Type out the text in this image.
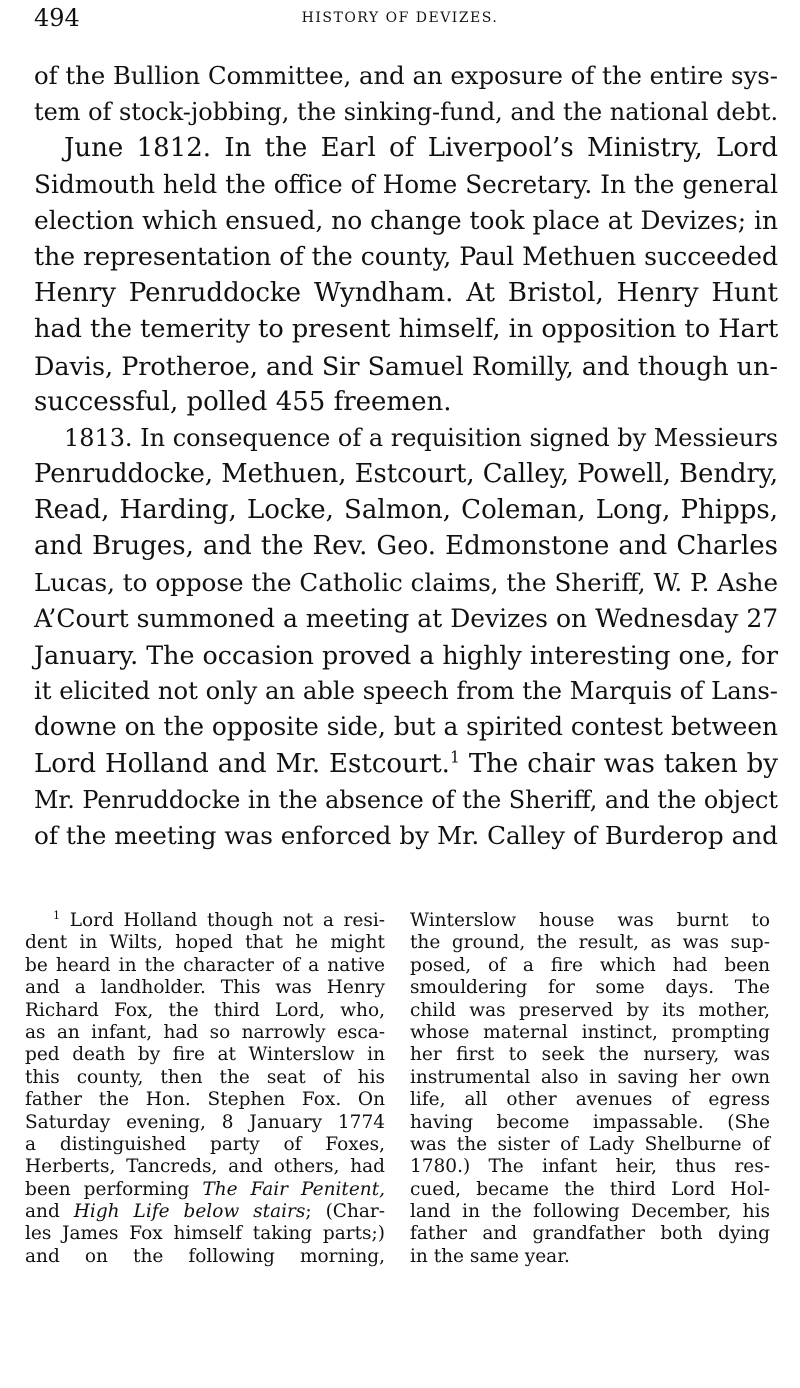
494	HISTORY OF DEVIZES.
of the Bullion Committee, and an exposure of the entire sys-
tem of stock-jobbing, the sinking-fund, and the national debt.
June 1812. In the Earl of Liverpool’s Ministry, Lord
Sidmouth held the office of Home Secretary. In the general
election which ensued, no change took place at Devizes; in
the representation of the county, Paul Methuen succeeded
Henry Penruddocke Wyndham. At Bristol, Henry Hunt
had the temerity to present himself, in opposition to Hart
Davis, Protheroe, and Sir Samuel Romilly, and though un-
successful, polled 455 freemen.
1813. In consequence of a requisition signed by Messieurs
Penruddocke, Methuen, Estcourt, Calley, Powell, Bendry,
Read, Harding, Locke, Salmon, Coleman, Long, Phipps,
and Bruges, and the Rev. Geo. Edmonstone and Charles
Lucas, to oppose the Catholic claims, the Sheriff, W. P. Ashe
A’Court summoned a meeting at Devizes on Wednesday 27
January. The occasion proved a highly interesting one, for
it elicited not only an able speech from the Marquis of Lans-
downe on the opposite side, but a spirited contest between
Lord Holland and Mr. Estcourt.$^1$ The chair was taken by
Mr. Penruddocke in the absence of the Sheriff, and the object
of the meeting was enforced by Mr. Calley of Burderop and
$^1$ Lord Holland though not a resi-
dent in Wilts, hoped that he might
be heard in the character of a native
and a landholder. This was Henry
Richard Fox, the third Lord, who,
as an infant, had so narrowly esca-
ped death by fire at Winterslow in
this county, then the seat of his
father the Hon. Stephen Fox. On
Saturday evening, 8 January 1774
a distinguished party of Foxes,
Herberts, Tancreds, and others, had
been performing The Fair Penitent,
and High Life below stairs; (Char-
les James Fox himself taking parts;)
and on the following morning,
Winterslow house was burnt to
the ground, the result, as was sup-
posed, of a fire which had been
smouldering for some days. The
child was preserved by its mother,
whose maternal instinct, prompting
her first to seek the nursery, was
instrumental also in saving her own
life, all other avenues of egress
having become impassable. (She
was the sister of Lady Shelburne of
1780.) The infant heir, thus res-
cued, became the third Lord Hol-
land in the following December, his
father and grandfather both dying
in the same year.
